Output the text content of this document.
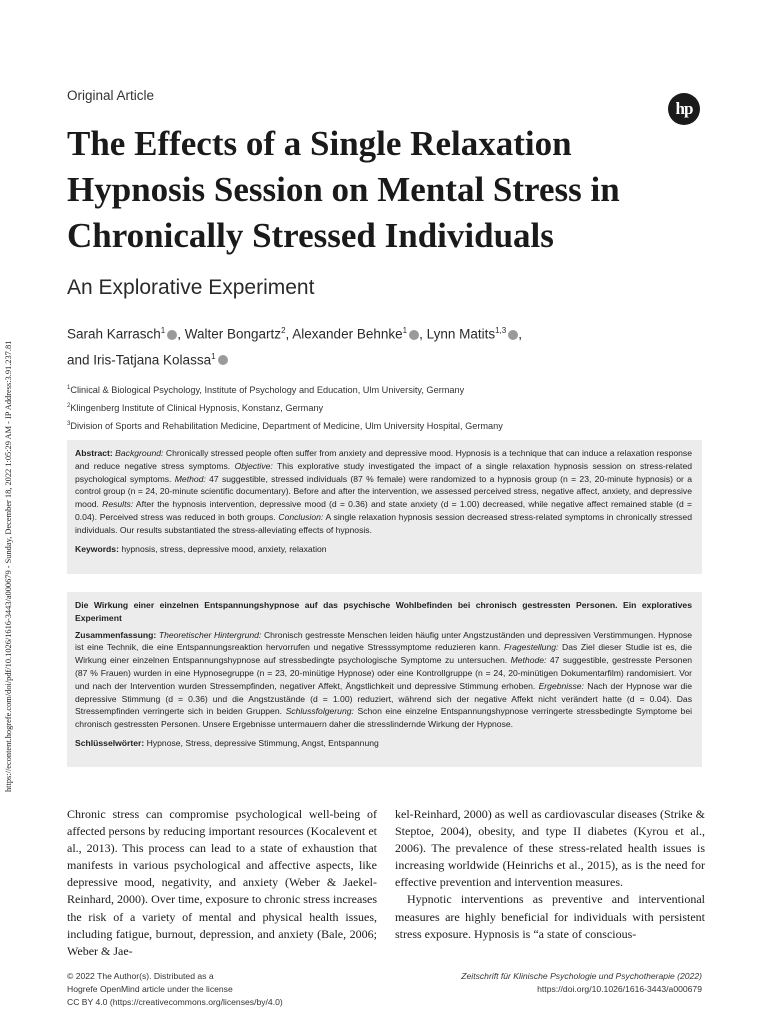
https://econtent.hogrefe.com/doi/pdf/10.1026/1616-3443/a000679 - Sunday, December 18, 2022 1:05:29 AM - IP Address:3.91.237.81
Original Article
hp
The Effects of a Single Relaxation Hypnosis Session on Mental Stress in Chronically Stressed Individuals
An Explorative Experiment
Sarah Karrasch$^1$ , Walter Bongartz$^2$, Alexander Behnke$^1$ , Lynn Matits$^{1,3}$ ,
and Iris-Tatjana Kolassa$^1$
$^1$Clinical & Biological Psychology, Institute of Psychology and Education, Ulm University, Germany
$^2$Klingenberg Institute of Clinical Hypnosis, Konstanz, Germany
$^3$Division of Sports and Rehabilitation Medicine, Department of Medicine, Ulm University Hospital, Germany

Abstract: Background: Chronically stressed people often suffer from anxiety and depressive mood. Hypnosis is a technique that can induce a relaxation response and reduce negative stress symptoms. Objective: This explorative study investigated the impact of a single relaxation hypnosis session on stress-related psychological symptoms. Method: 47 suggestible, stressed individuals (87 % female) were randomized to a hypnosis group (n = 23, 20-minute hypnosis) or a control group (n = 24, 20-minute scientific documentary). Before and after the intervention, we assessed perceived stress, negative affect, anxiety, and depressive mood. Results: After the hypnosis intervention, depressive mood (d = 0.36) and state anxiety (d = 1.00) decreased, while negative affect remained stable (d = 0.04). Perceived stress was reduced in both groups. Conclusion: A single relaxation hypnosis session decreased stress-related symptoms in chronically stressed individuals. Our results substantiated the stress-alleviating effects of hypnosis.

Keywords: hypnosis, stress, depressive mood, anxiety, relaxation

Die Wirkung einer einzelnen Entspannungshypnose auf das psychische Wohlbefinden bei chronisch gestressten Personen. Ein exploratives Experiment

Zusammenfassung: Theoretischer Hintergrund: Chronisch gestresste Menschen leiden häufig unter Angstzuständen und depressiven Verstimmungen. Hypnose ist eine Technik, die eine Entspannungsreaktion hervorrufen und negative Stresssymptome reduzieren kann. Fragestellung: Das Ziel dieser Studie ist es, die Wirkung einer einzelnen Entspannungshypnose auf stressbedingte psychologische Symptome zu untersuchen. Methode: 47 suggestible, gestresste Personen (87 % Frauen) wurden in eine Hypnosegruppe (n = 23, 20-minütige Hypnose) oder eine Kontrollgruppe (n = 24, 20-minütigen Dokumentarfilm) randomisiert. Vor und nach der Intervention wurden Stressempfinden, negativer Affekt, Ängstlichkeit und depressive Stimmung erhoben. Ergebnisse: Nach der Hypnose war die depressive Stimmung (d = 0.36) und die Angstzustände (d = 1.00) reduziert, während sich der negative Affekt nicht verändert hatte (d = 0.04). Das Stressempfinden verringerte sich in beiden Gruppen. Schlussfolgerung: Schon eine einzelne Entspannungshypnose verringerte stressbedingte Symptome bei chronisch gestressten Personen. Unsere Ergebnisse untermauern daher die stresslindernde Wirkung der Hypnose.

Schlüsselwörter: Hypnose, Stress, depressive Stimmung, Angst, Entspannung

Chronic stress can compromise psychological well-being of affected persons by reducing important resources (Kocalevent et al., 2013). This process can lead to a state of exhaustion that manifests in various psychological and affective aspects, like depressive mood, negativity, and anxiety (Weber & Jaekel-Reinhard, 2000). Over time, exposure to chronic stress increases the risk of a variety of mental and physical health issues, including fatigue, burnout, depression, and anxiety (Bale, 2006; Weber & Jae-

kel-Reinhard, 2000) as well as cardiovascular diseases (Strike & Steptoe, 2004), obesity, and type II diabetes (Kyrou et al., 2006). The prevalence of these stress-related health issues is increasing worldwide (Heinrichs et al., 2015), as is the need for effective prevention and intervention measures.

Hypnotic interventions as preventive and interventional measures are highly beneficial for individuals with persistent stress exposure. Hypnosis is “a state of conscious-

© 2022 The Author(s). Distributed as a
Hogrefe OpenMind article under the license
CC BY 4.0 (https://creativecommons.org/licenses/by/4.0)
Zeitschrift für Klinische Psychologie und Psychotherapie (2022)
https://doi.org/10.1026/1616-3443/a000679
